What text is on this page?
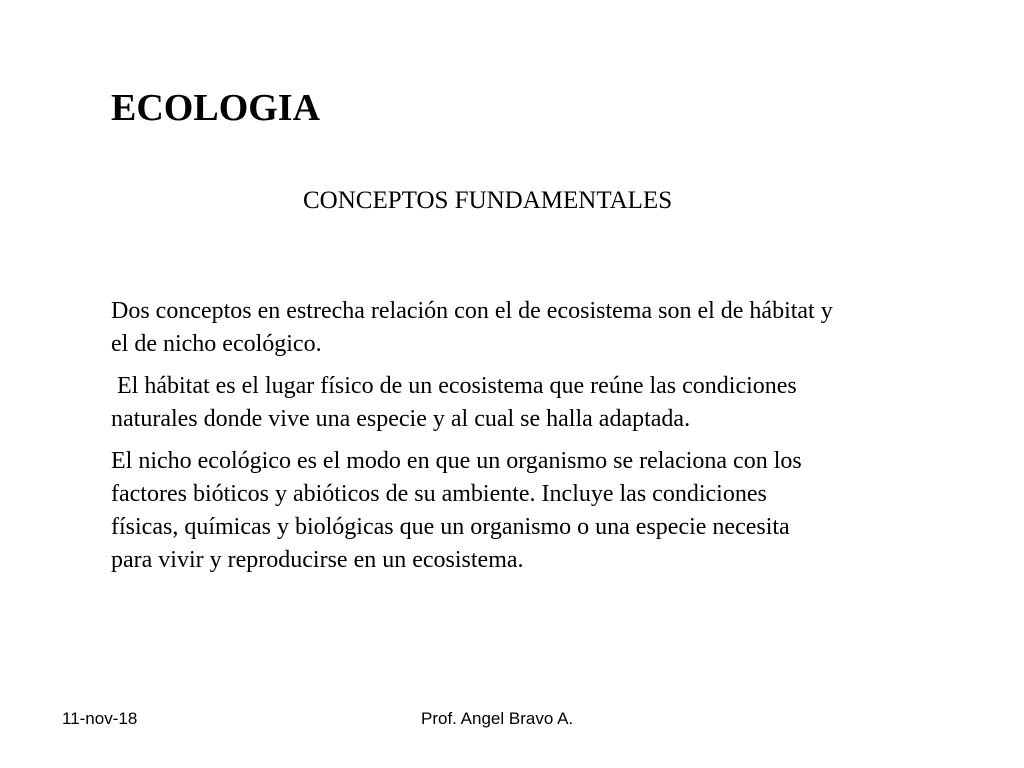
ECOLOGIA
CONCEPTOS FUNDAMENTALES

Dos conceptos en estrecha relación con el de ecosistema son el de hábitat y
el de nicho ecológico.

El hábitat es el lugar físico de un ecosistema que reúne las condiciones
naturales donde vive una especie y al cual se halla adaptada.

El nicho ecológico es el modo en que un organismo se relaciona con los
factores bióticos y abióticos de su ambiente. Incluye las condiciones
físicas, químicas y biológicas que un organismo o una especie necesita
para vivir y reproducirse en un ecosistema.

11-nov-18	Prof. Angel Bravo A.
